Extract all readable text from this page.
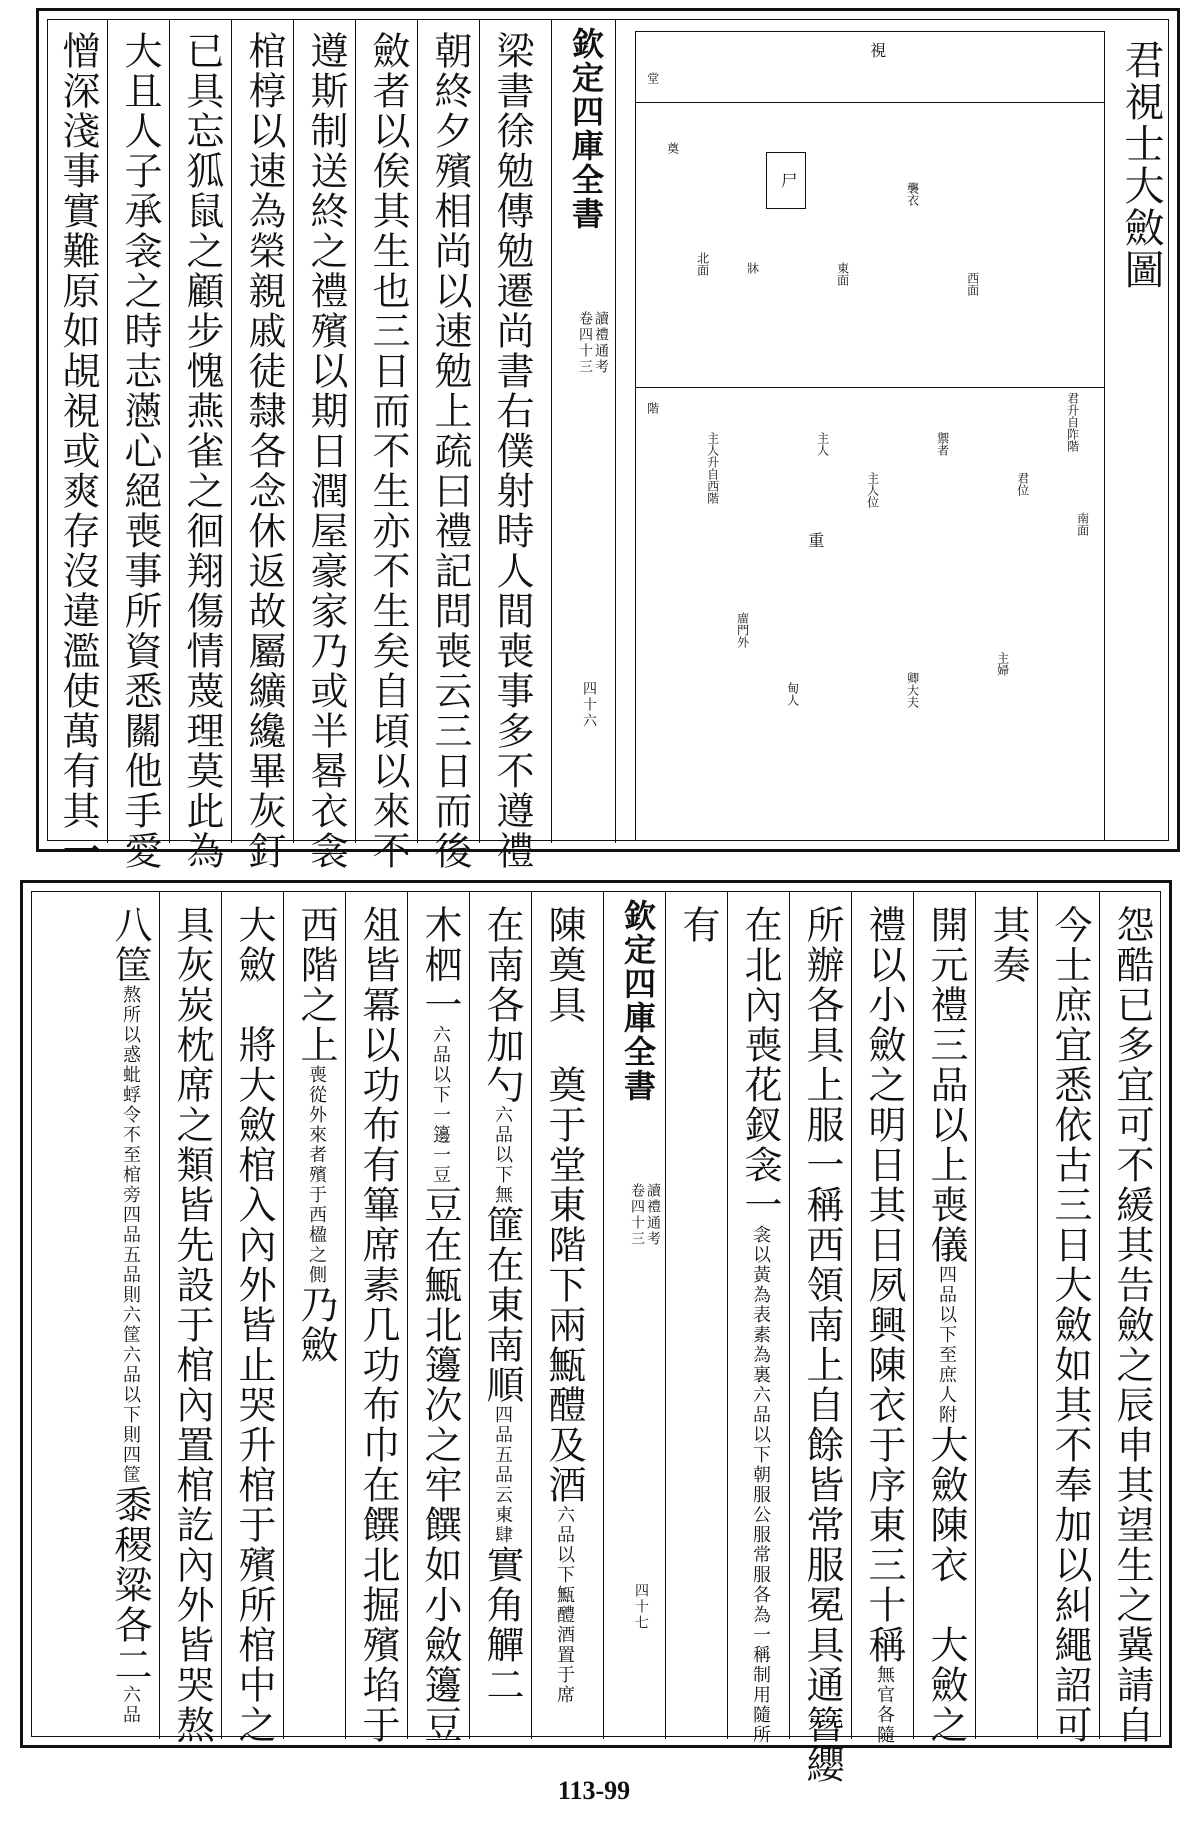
君視士大斂圖
視
尸
堂
階
庿門外
重
奠
君升自阼階
主人升自西階	主人
君位
主人位
禦者
襲衣
北面	東面	西面
南面
牀
甸人	卿大夫
主婦
欽定四庫全書
讀禮通考
卷四十三
四十六
梁書徐勉傳勉遷尚書右僕射時人間喪事多不遵禮
朝終夕殯相尚以速勉上疏曰禮記問喪云三日而後
斂者以俟其生也三日而不生亦不生矣自頃以來不
遵斯制送終之禮殯以期日潤屋豪家乃或半晷衣衾
棺椁以速為榮親戚徒隸各念休返故屬纊纔畢灰釘
已具忘狐鼠之顧步愧燕雀之徊翔傷情蔑理莫此為
大且人子承衾之時志懣心絕喪事所資悉關他手愛
憎深淺事實難原如覘視或爽存沒違濫使萬有其一
怨酷已多宜可不緩其告斂之辰申其望生之冀請自
今士庶宜悉依古三日大斂如其不奉加以糾繩詔可
其奏
開元禮三品以上喪儀四品以下至庶人附大斂陳衣　大斂之
禮以小斂之明日其日夙興陳衣于序東三十稱無官各隨
所辦各具上服一稱西領南上自餘皆常服冕具通簪纓
在北內喪花釵衾一衾以黃為表素為裏六品以下朝服公服常服各為一稱制用隨所
有
欽定四庫全書
讀禮通考
卷四十三
四十七
陳奠具　奠于堂東階下兩甒醴及酒六品以下甒醴酒置于席
在南各加勺六品以下無篚在東南順四品五品云東肆實角觶二
木柶一六品以下一籩一豆豆在甒北籩次之牢饌如小斂籩豆
俎皆冪以功布有篳席素几功布巾在饌北掘殯埳于
西階之上喪從外來者殯于西楹之側乃斂
大斂　將大斂棺入內外皆止哭升棺于殯所棺中之
具灰炭枕席之類皆先設于棺內置棺訖內外皆哭熬
八筐熬所以惑蚍蜉令不至棺旁四品五品則六筐六品以下則四筐黍稷粱各二六品
113-99
